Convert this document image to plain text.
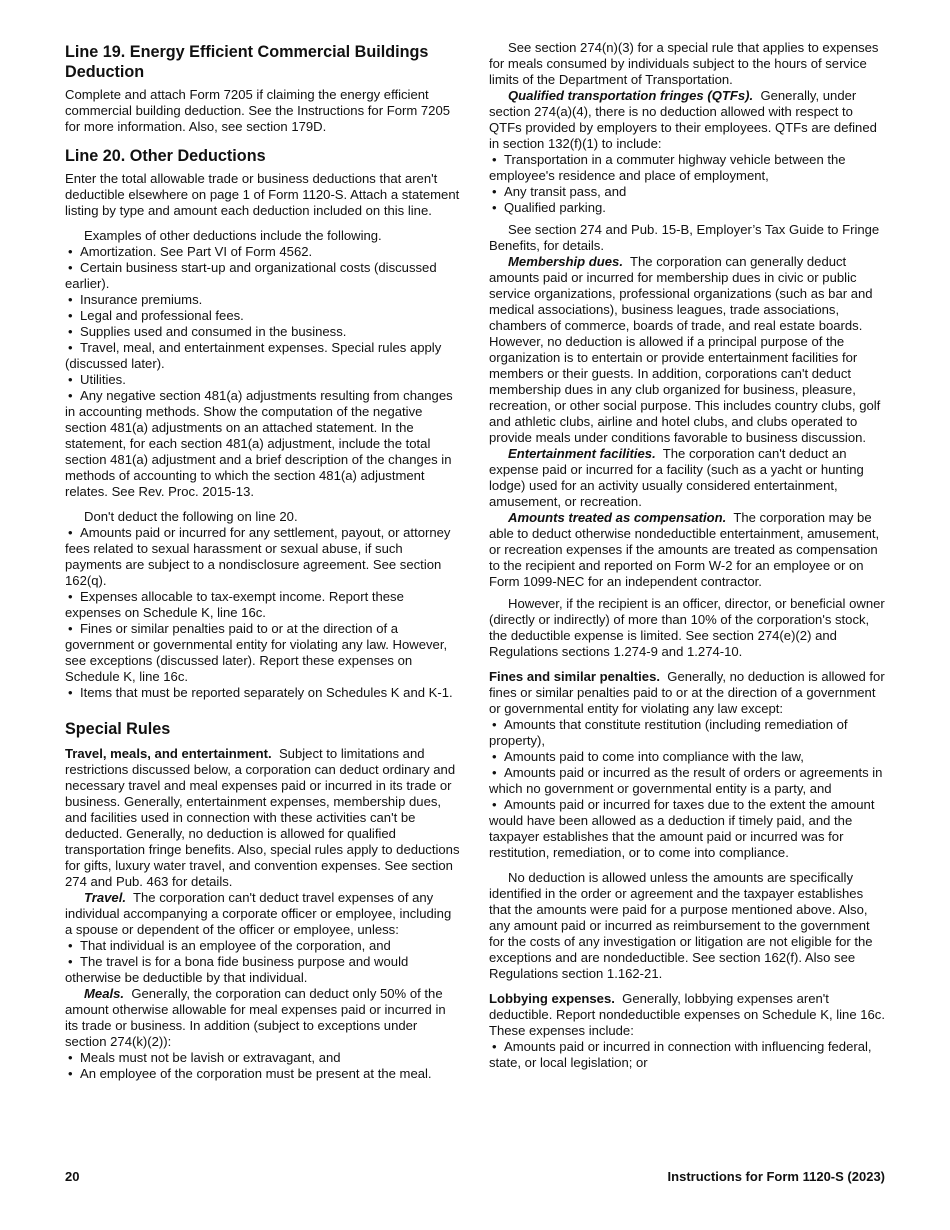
Line 19. Energy Efficient Commercial Buildings Deduction

Complete and attach Form 7205 if claiming the energy efficient commercial building deduction. See the Instructions for Form 7205 for more information. Also, see section 179D.

Line 20. Other Deductions

Enter the total allowable trade or business deductions that aren't deductible elsewhere on page 1 of Form 1120-S. Attach a statement listing by type and amount each deduction included on this line.

Examples of other deductions include the following.

• Amortization. See Part VI of Form 4562.

• Certain business start-up and organizational costs (discussed earlier).

• Insurance premiums.

• Legal and professional fees.

• Supplies used and consumed in the business.

• Travel, meal, and entertainment expenses. Special rules apply (discussed later).

• Utilities.

• Any negative section 481(a) adjustments resulting from changes in accounting methods. Show the computation of the negative section 481(a) adjustments on an attached statement. In the statement, for each section 481(a) adjustment, include the total section 481(a) adjustment and a brief description of the changes in methods of accounting to which the section 481(a) adjustment relates. See Rev. Proc. 2015-13.

Don't deduct the following on line 20.

• Amounts paid or incurred for any settlement, payout, or attorney fees related to sexual harassment or sexual abuse, if such payments are subject to a nondisclosure agreement. See section 162(q).

• Expenses allocable to tax-exempt income. Report these expenses on Schedule K, line 16c.

• Fines or similar penalties paid to or at the direction of a government or governmental entity for violating any law. However, see exceptions (discussed later). Report these expenses on Schedule K, line 16c.

• Items that must be reported separately on Schedules K and K-1.

Special Rules

Travel, meals, and entertainment. Subject to limitations and restrictions discussed below, a corporation can deduct ordinary and necessary travel and meal expenses paid or incurred in its trade or business. Generally, entertainment expenses, membership dues, and facilities used in connection with these activities can't be deducted. Generally, no deduction is allowed for qualified transportation fringe benefits. Also, special rules apply to deductions for gifts, luxury water travel, and convention expenses. See section 274 and Pub. 463 for details.

Travel. The corporation can't deduct travel expenses of any individual accompanying a corporate officer or employee, including a spouse or dependent of the officer or employee, unless:

• That individual is an employee of the corporation, and

• The travel is for a bona fide business purpose and would otherwise be deductible by that individual.

Meals. Generally, the corporation can deduct only 50% of the amount otherwise allowable for meal expenses paid or incurred in its trade or business. In addition (subject to exceptions under section 274(k)(2)):

• Meals must not be lavish or extravagant, and

• An employee of the corporation must be present at the meal.

See section 274(n)(3) for a special rule that applies to expenses for meals consumed by individuals subject to the hours of service limits of the Department of Transportation.

Qualified transportation fringes (QTFs). Generally, under section 274(a)(4), there is no deduction allowed with respect to QTFs provided by employers to their employees. QTFs are defined in section 132(f)(1) to include:

• Transportation in a commuter highway vehicle between the employee's residence and place of employment,

• Any transit pass, and

• Qualified parking.

See section 274 and Pub. 15-B, Employer’s Tax Guide to Fringe Benefits, for details.

Membership dues. The corporation can generally deduct amounts paid or incurred for membership dues in civic or public service organizations, professional organizations (such as bar and medical associations), business leagues, trade associations, chambers of commerce, boards of trade, and real estate boards. However, no deduction is allowed if a principal purpose of the organization is to entertain or provide entertainment facilities for members or their guests. In addition, corporations can't deduct membership dues in any club organized for business, pleasure, recreation, or other social purpose. This includes country clubs, golf and athletic clubs, airline and hotel clubs, and clubs operated to provide meals under conditions favorable to business discussion.

Entertainment facilities. The corporation can't deduct an expense paid or incurred for a facility (such as a yacht or hunting lodge) used for an activity usually considered entertainment, amusement, or recreation.

Amounts treated as compensation. The corporation may be able to deduct otherwise nondeductible entertainment, amusement, or recreation expenses if the amounts are treated as compensation to the recipient and reported on Form W-2 for an employee or on Form 1099-NEC for an independent contractor.

However, if the recipient is an officer, director, or beneficial owner (directly or indirectly) of more than 10% of the corporation's stock, the deductible expense is limited. See section 274(e)(2) and Regulations sections 1.274-9 and 1.274-10.

Fines and similar penalties. Generally, no deduction is allowed for fines or similar penalties paid to or at the direction of a government or governmental entity for violating any law except:

• Amounts that constitute restitution (including remediation of property),

• Amounts paid to come into compliance with the law,

• Amounts paid or incurred as the result of orders or agreements in which no government or governmental entity is a party, and

• Amounts paid or incurred for taxes due to the extent the amount would have been allowed as a deduction if timely paid, and the taxpayer establishes that the amount paid or incurred was for restitution, remediation, or to come into compliance.

No deduction is allowed unless the amounts are specifically identified in the order or agreement and the taxpayer establishes that the amounts were paid for a purpose mentioned above. Also, any amount paid or incurred as reimbursement to the government for the costs of any investigation or litigation are not eligible for the exceptions and are nondeductible. See section 162(f). Also see Regulations section 1.162-21.

Lobbying expenses. Generally, lobbying expenses aren't deductible. Report nondeductible expenses on Schedule K, line 16c. These expenses include:

• Amounts paid or incurred in connection with influencing federal, state, or local legislation; or

20	Instructions for Form 1120-S (2023)
